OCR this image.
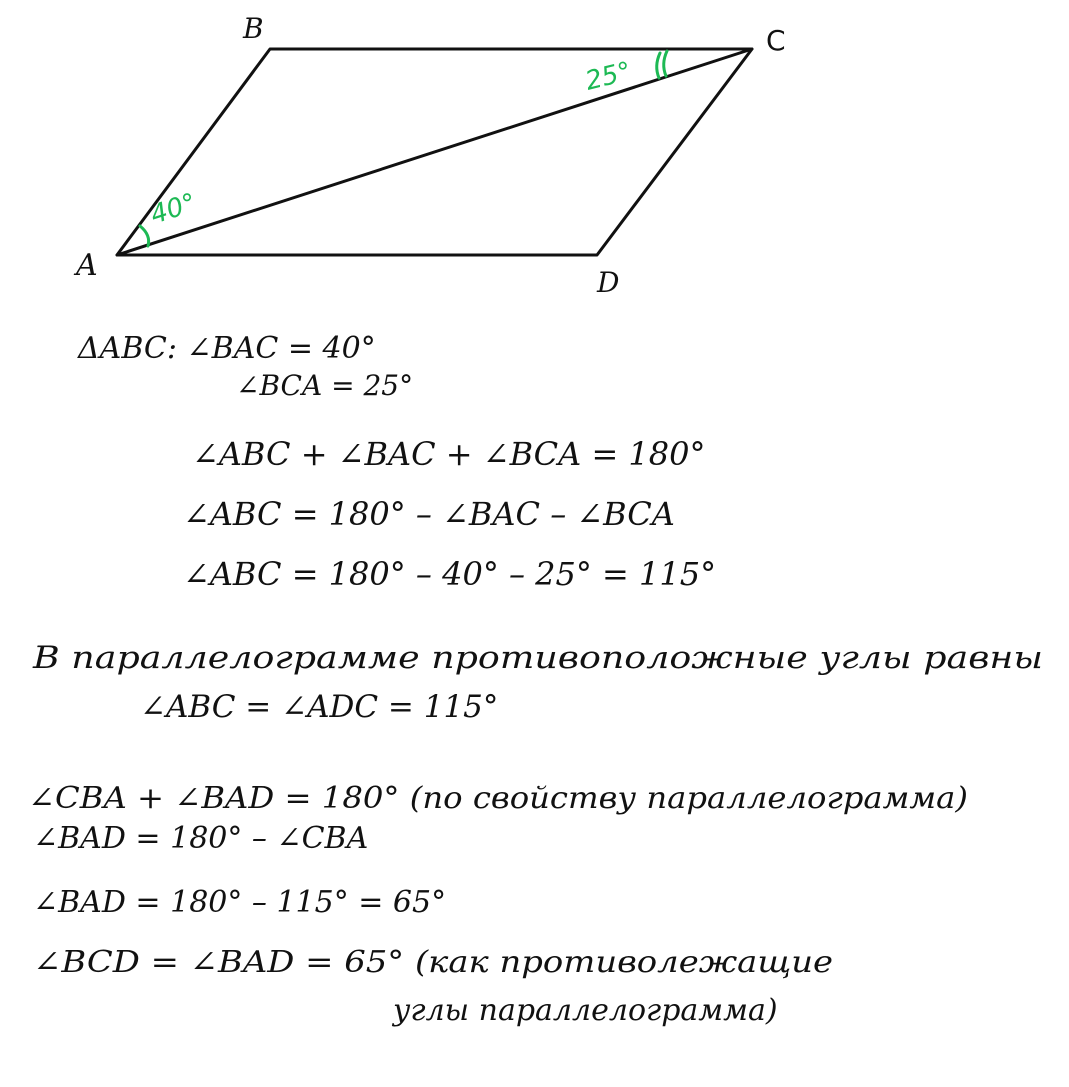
40°
25°
A
B	C
D
ΔABC: ∠BAC = 40°
∠BCA = 25°
∠ABC + ∠BAC + ∠BCA = 180°
∠ABC = 180° – ∠BAC – ∠BCA
∠ABC = 180° – 40° – 25° = 115°
В параллелограмме противоположные углы равны
∠ABC = ∠ADC = 115°
∠CBA + ∠BAD = 180° (по свойству параллелограмма)
∠BAD = 180° – ∠CBA
∠BAD = 180° – 115° = 65°
∠BCD = ∠BAD = 65° (как противолежащие
углы параллелограмма)
